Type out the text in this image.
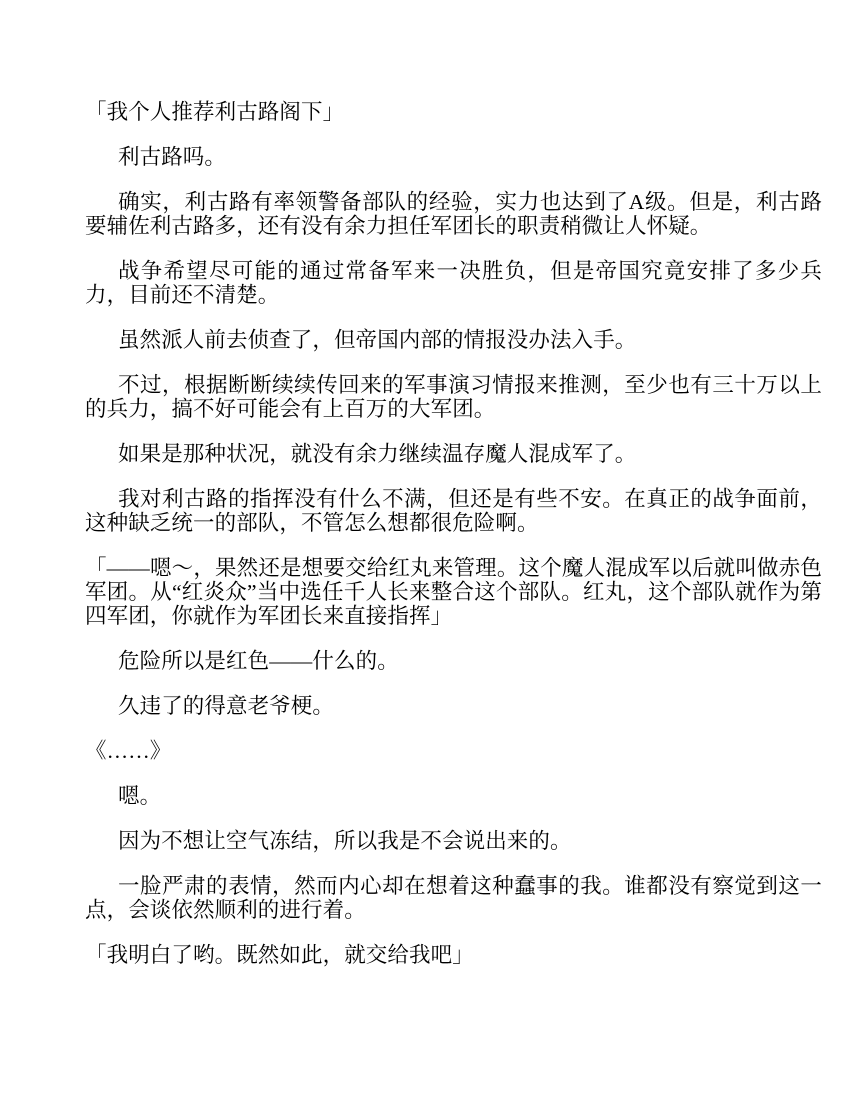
「我个人推荐利古路阁下」

利古路吗。

确实，利古路有率领警备部队的经验，实力也达到了A级。但是，利古路要辅佐利古路多，还有没有余力担任军团长的职责稍微让人怀疑。

战争希望尽可能的通过常备军来一决胜负，但是帝国究竟安排了多少兵力，目前还不清楚。

虽然派人前去侦查了，但帝国内部的情报没办法入手。

不过，根据断断续续传回来的军事演习情报来推测，至少也有三十万以上的兵力，搞不好可能会有上百万的大军团。

如果是那种状况，就没有余力继续温存魔人混成军了。

我对利古路的指挥没有什么不满，但还是有些不安。在真正的战争面前，这种缺乏统一的部队，不管怎么想都很危险啊。

「——嗯～，果然还是想要交给红丸来管理。这个魔人混成军以后就叫做赤色军团。从“红炎众”当中选任千人长来整合这个部队。红丸，这个部队就作为第四军团，你就作为军团长来直接指挥」

危险所以是红色——什么的。

久违了的得意老爷梗。

《……》

嗯。

因为不想让空气冻结，所以我是不会说出来的。

一脸严肃的表情，然而内心却在想着这种蠢事的我。谁都没有察觉到这一点，会谈依然顺利的进行着。

「我明白了哟。既然如此，就交给我吧」
